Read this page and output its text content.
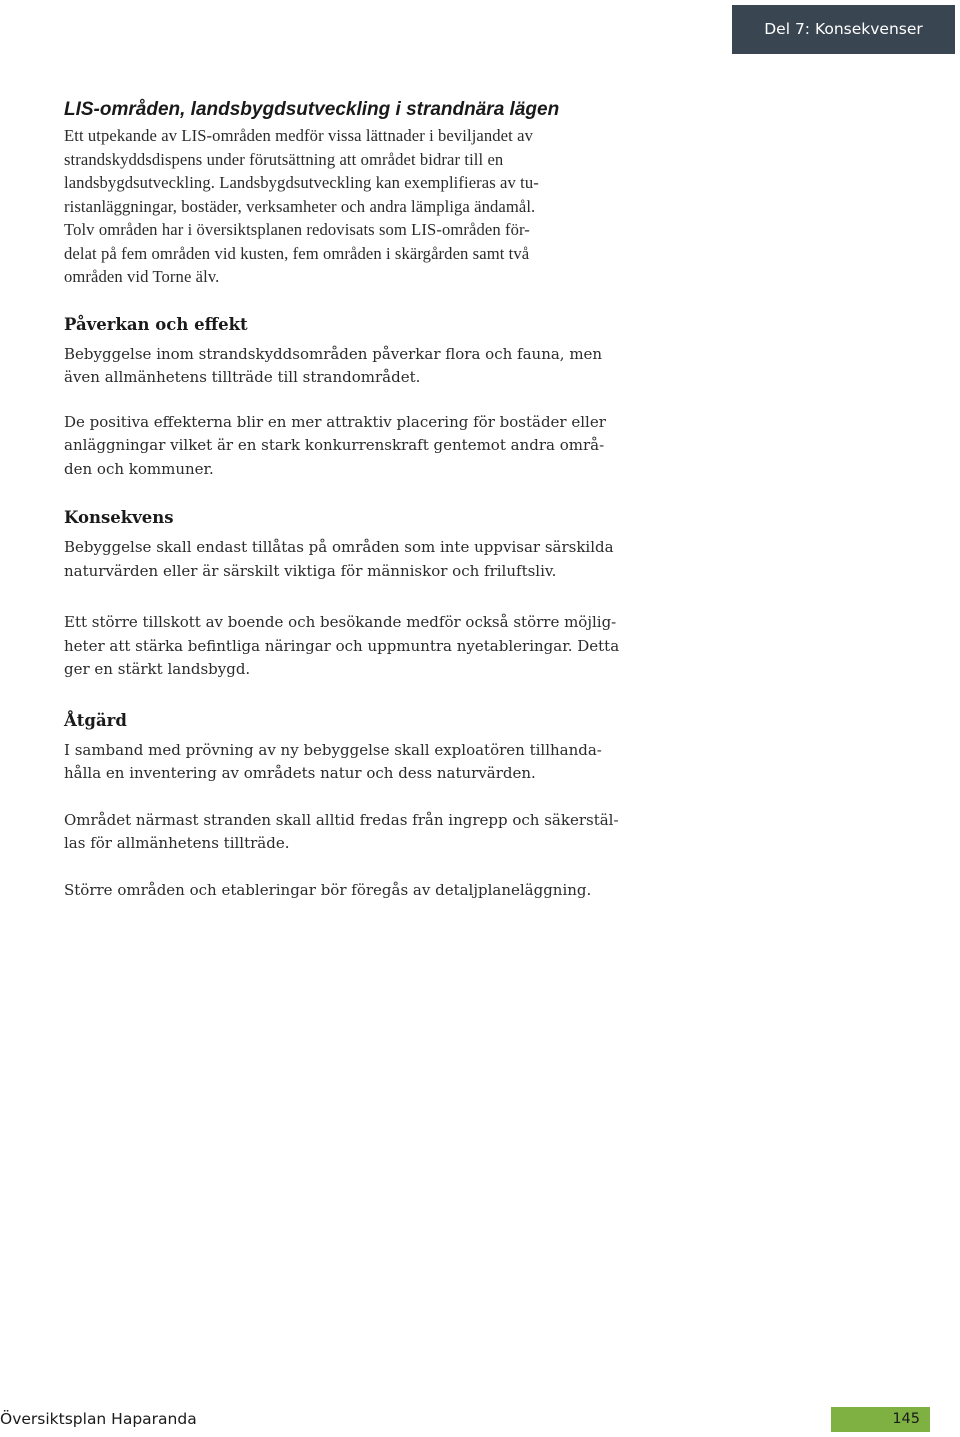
Del 7: Konsekvenser
LIS-områden, landsbygdsutveckling i strandnära lägen

Ett utpekande av LIS-områden medför vissa lättnader i beviljandet av
strandskyddsdispens under förutsättning att området bidrar till en
landsbygdsutveckling. Landsbygdsutveckling kan exemplifieras av tu-
ristanläggningar, bostäder, verksamheter och andra lämpliga ändamål.
Tolv områden har i översiktsplanen redovisats som LIS-områden för-
delat på fem områden vid kusten, fem områden i skärgården samt två
områden vid Torne älv.

Påverkan och effekt

Bebyggelse inom strandskyddsområden påverkar flora och fauna, men
även allmänhetens tillträde till strandområdet.

De positiva effekterna blir en mer attraktiv placering för bostäder eller
anläggningar vilket är en stark konkurrenskraft gentemot andra områ-
den och kommuner.

Konsekvens

Bebyggelse skall endast tillåtas på områden som inte uppvisar särskilda
naturvärden eller är särskilt viktiga för människor och friluftsliv.

Ett större tillskott av boende och besökande medför också större möjlig-
heter att stärka befintliga näringar och uppmuntra nyetableringar. Detta
ger en stärkt landsbygd.

Åtgärd

I samband med prövning av ny bebyggelse skall exploatören tillhanda-
hålla en inventering av områdets natur och dess naturvärden.

Området närmast stranden skall alltid fredas från ingrepp och säkerstäl-
las för allmänhetens tillträde.

Större områden och etableringar bör föregås av detaljplaneläggning.

Översiktsplan Haparanda	145
